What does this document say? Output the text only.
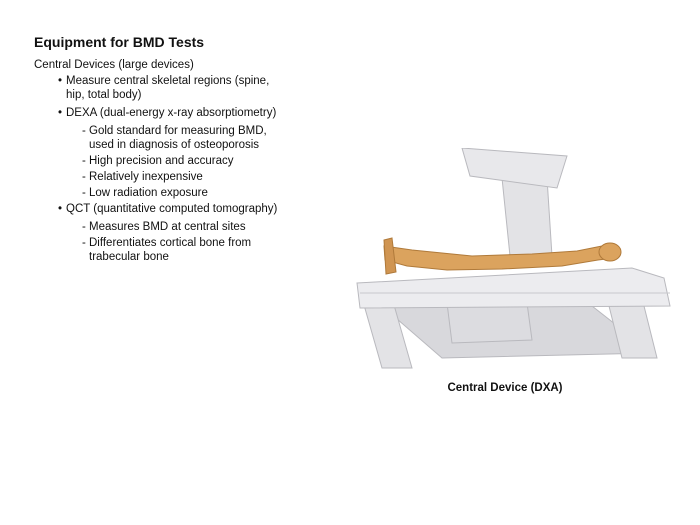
Equipment for BMD Tests
Central Devices (large devices)
• Measure central skeletal regions (spine, hip, total body)
• DEXA (dual-energy x-ray absorptiometry)
- Gold standard for measuring BMD, used in diagnosis of osteoporosis
- High precision and accuracy
- Relatively inexpensive
- Low radiation exposure
• QCT (quantitative computed tomography)
- Measures BMD at central sites
- Differentiates cortical bone from trabecular bone
Central Device (DXA)
